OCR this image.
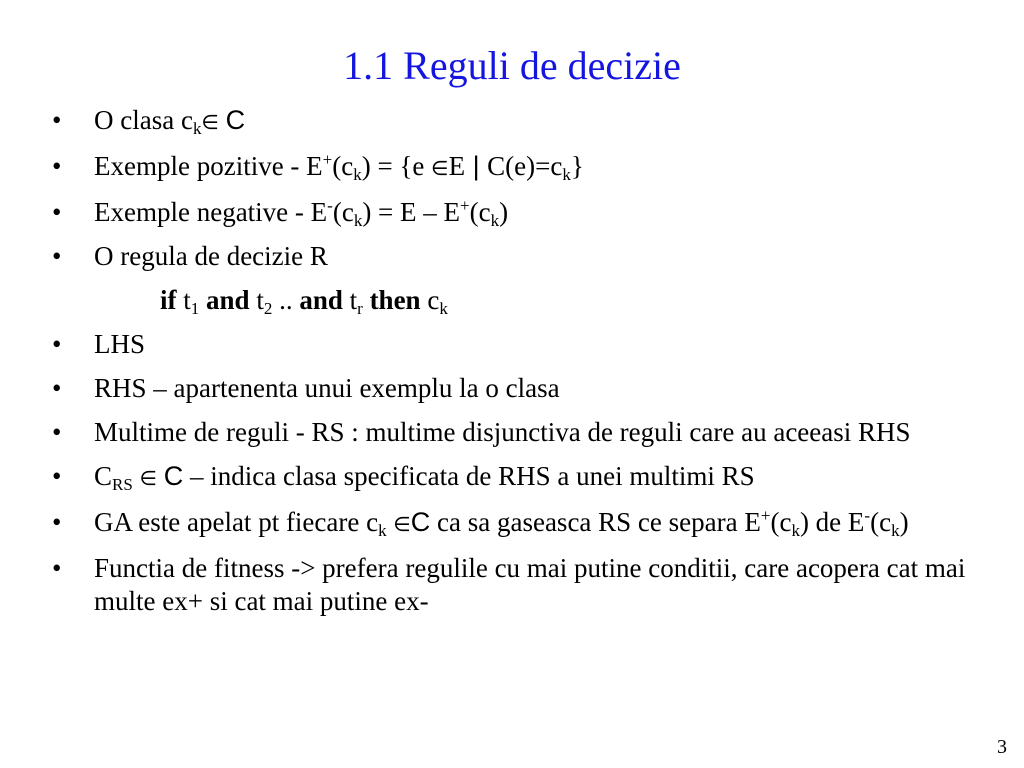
1.1 Reguli de decizie
• O clasa $c_k\in$ C
• Exemple pozitive - $E^+(c_k) = \{e$ ∈E | $C(e)=c_k$}
• Exemple negative - $E^-(c_k) = E - E^+(c_k)$
• O regula de decizie R
if $t_1$ and $t_2$ .. and $t_r$ then $c_k$
• LHS
• RHS – apartenenta unui exemplu la o clasa
• Multime de reguli - RS : multime disjunctiva de reguli care au aceeasi RHS
• $C_{RS}$ ∈ C – indica clasa specificata de RHS a unei multimi RS
• GA este apelat pt fiecare $c_k$ ∈C ca sa gaseasca RS ce separa $E^+(c_k)$ de $E^-(c_k)$
• Functia de fitness -> prefera regulile cu mai putine conditii, care acopera cat mai multe ex+ si cat mai putine ex-
3
